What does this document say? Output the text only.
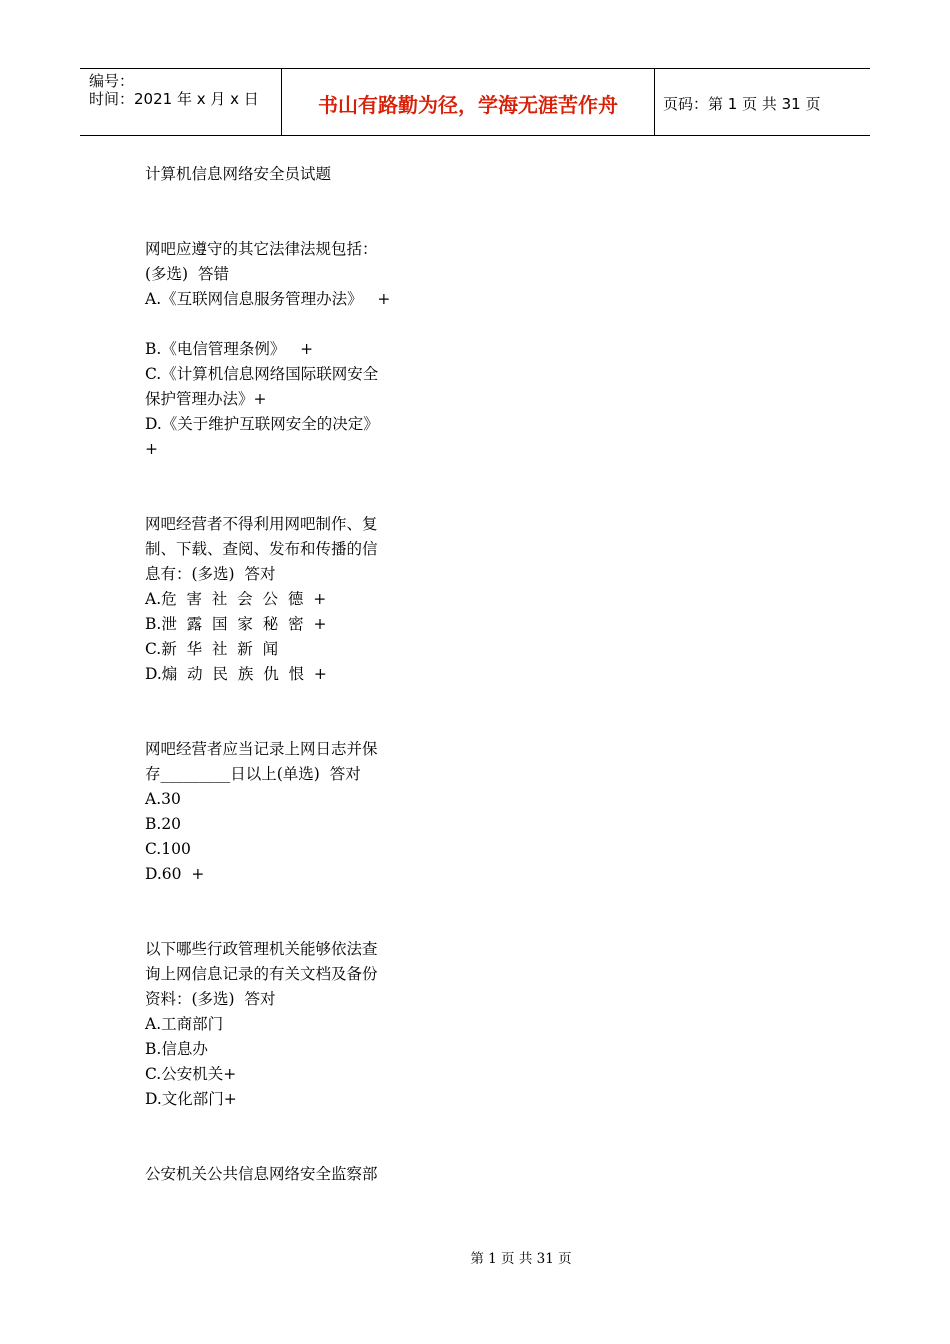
编号：
时间：2021 年 x 月 x 日	书山有路勤为径，学海无涯苦作舟	页码：第 1 页 共 31 页
计算机信息网络安全员试题
网吧应遵守的其它法律法规包括：
(多选)  答错
A.《互联网信息服务管理办法》   +
B.《电信管理条例》   +
C.《计算机信息网络国际联网安全
保护管理办法》+
D.《关于维护互联网安全的决定》
+
网吧经营者不得利用网吧制作、复
制、下载、查阅、发布和传播的信
息有：(多选)  答对
A.危  害  社  会  公  德  +
B.泄  露  国  家  秘  密  +
C.新  华  社  新  闻
D.煽  动  民  族  仇  恨  +
网吧经营者应当记录上网日志并保
存_________日以上(单选)  答对
A.30
B.20
C.100
D.60  +
以下哪些行政管理机关能够依法查
询上网信息记录的有关文档及备份
资料：(多选)  答对
A.工商部门
B.信息办
C.公安机关+
D.文化部门+
公安机关公共信息网络安全监察部
第 1 页 共 31 页
